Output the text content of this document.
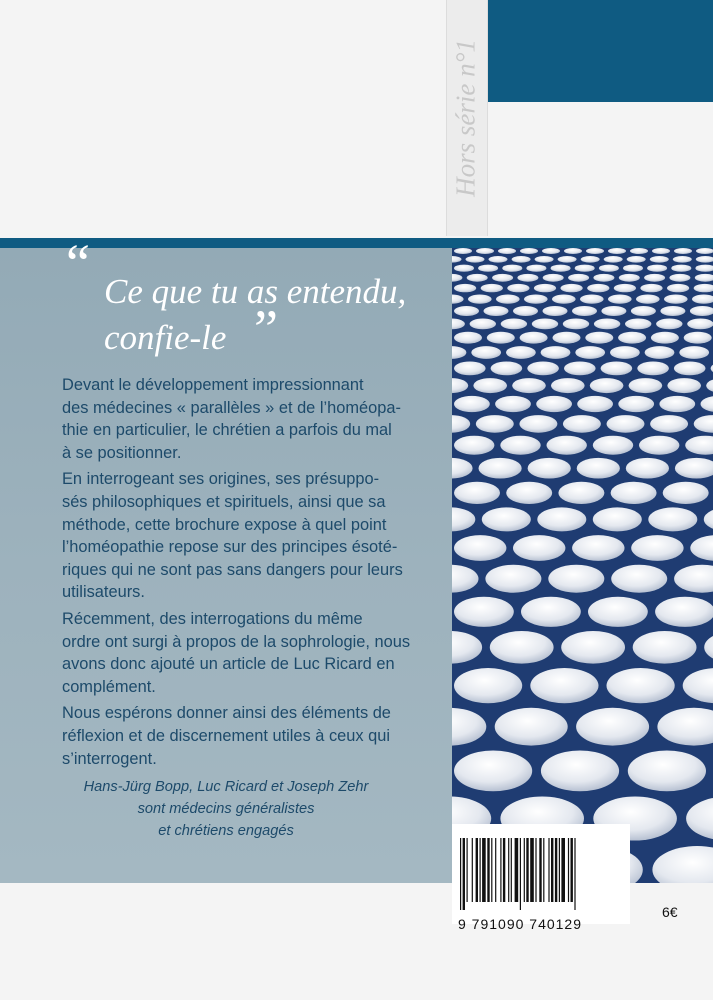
Hors série n°1
“ Ce que tu as entendu,
confie-le ”

Devant le développement impressionnant
des médecines « parallèles » et de l’homéopa-
thie en particulier, le chrétien a parfois du mal
à se positionner.

En interrogeant ses origines, ses présuppo-
sés philosophiques et spirituels, ainsi que sa
méthode, cette brochure expose à quel point
l’homéopathie repose sur des principes ésoté-
riques qui ne sont pas sans dangers pour leurs
utilisateurs.

Récemment, des interrogations du même
ordre ont surgi à propos de la sophrologie, nous
avons donc ajouté un article de Luc Ricard en
complément.

Nous espérons donner ainsi des éléments de
réflexion et de discernement utiles à ceux qui
s’interrogent.

Hans-Jürg Bopp, Luc Ricard et Joseph Zehr
sont médecins généralistes
et chrétiens engagés
9 791090 740129
6€
